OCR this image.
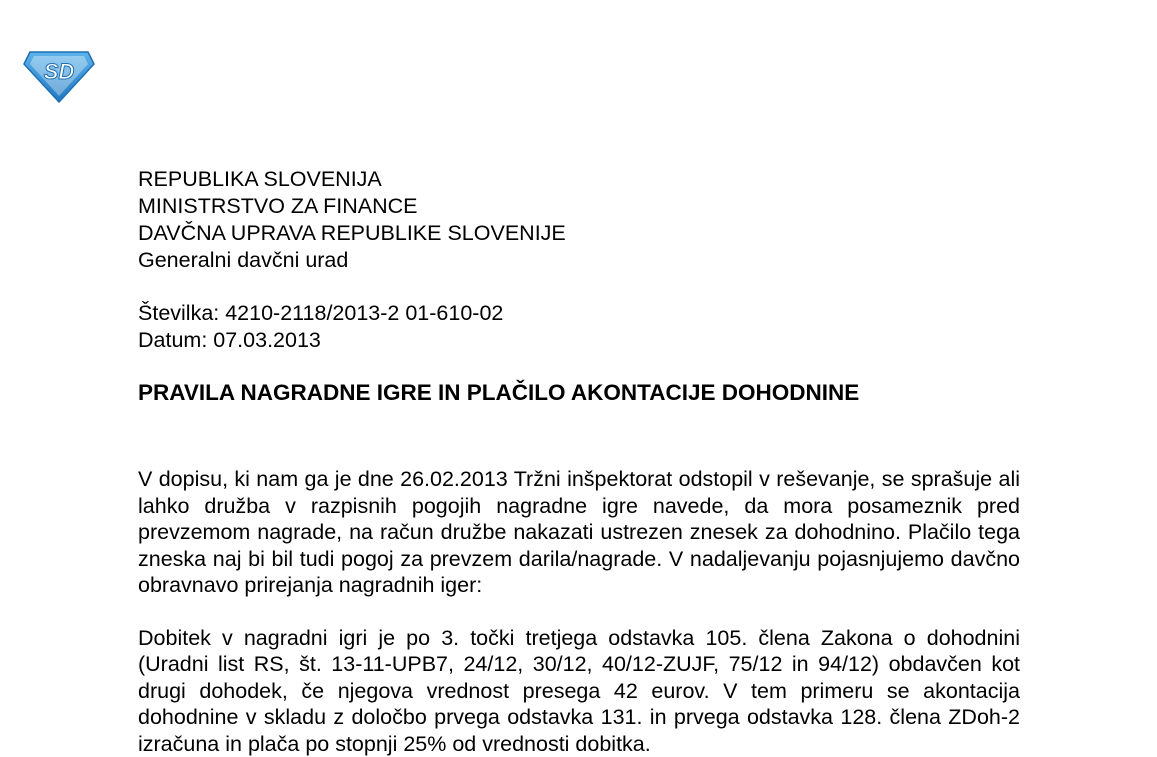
SD
REPUBLIKA SLOVENIJA
MINISTRSTVO ZA FINANCE
DAVČNA UPRAVA REPUBLIKE SLOVENIJE
Generalni davčni urad
Številka: 4210-2118/2013-2 01-610-02
Datum: 07.03.2013
PRAVILA NAGRADNE IGRE IN PLAČILO AKONTACIJE DOHODNINE

V dopisu, ki nam ga je dne 26.02.2013 Tržni inšpektorat odstopil v reševanje, se sprašuje ali lahko družba v razpisnih pogojih nagradne igre navede, da mora posameznik pred prevzemom nagrade, na račun družbe nakazati ustrezen znesek za dohodnino. Plačilo tega zneska naj bi bil tudi pogoj za prevzem darila/nagrade. V nadaljevanju pojasnjujemo davčno obravnavo prirejanja nagradnih iger:

Dobitek v nagradni igri je po 3. točki tretjega odstavka 105. člena Zakona o dohodnini (Uradni list RS, št. 13-11-UPB7, 24/12, 30/12, 40/12-ZUJF, 75/12 in 94/12) obdavčen kot drugi dohodek, če njegova vrednost presega 42 eurov. V tem primeru se akontacija dohodnine v skladu z določbo prvega odstavka 131. in prvega odstavka 128. člena ZDoh-2 izračuna in plača po stopnji 25% od vrednosti dobitka.
